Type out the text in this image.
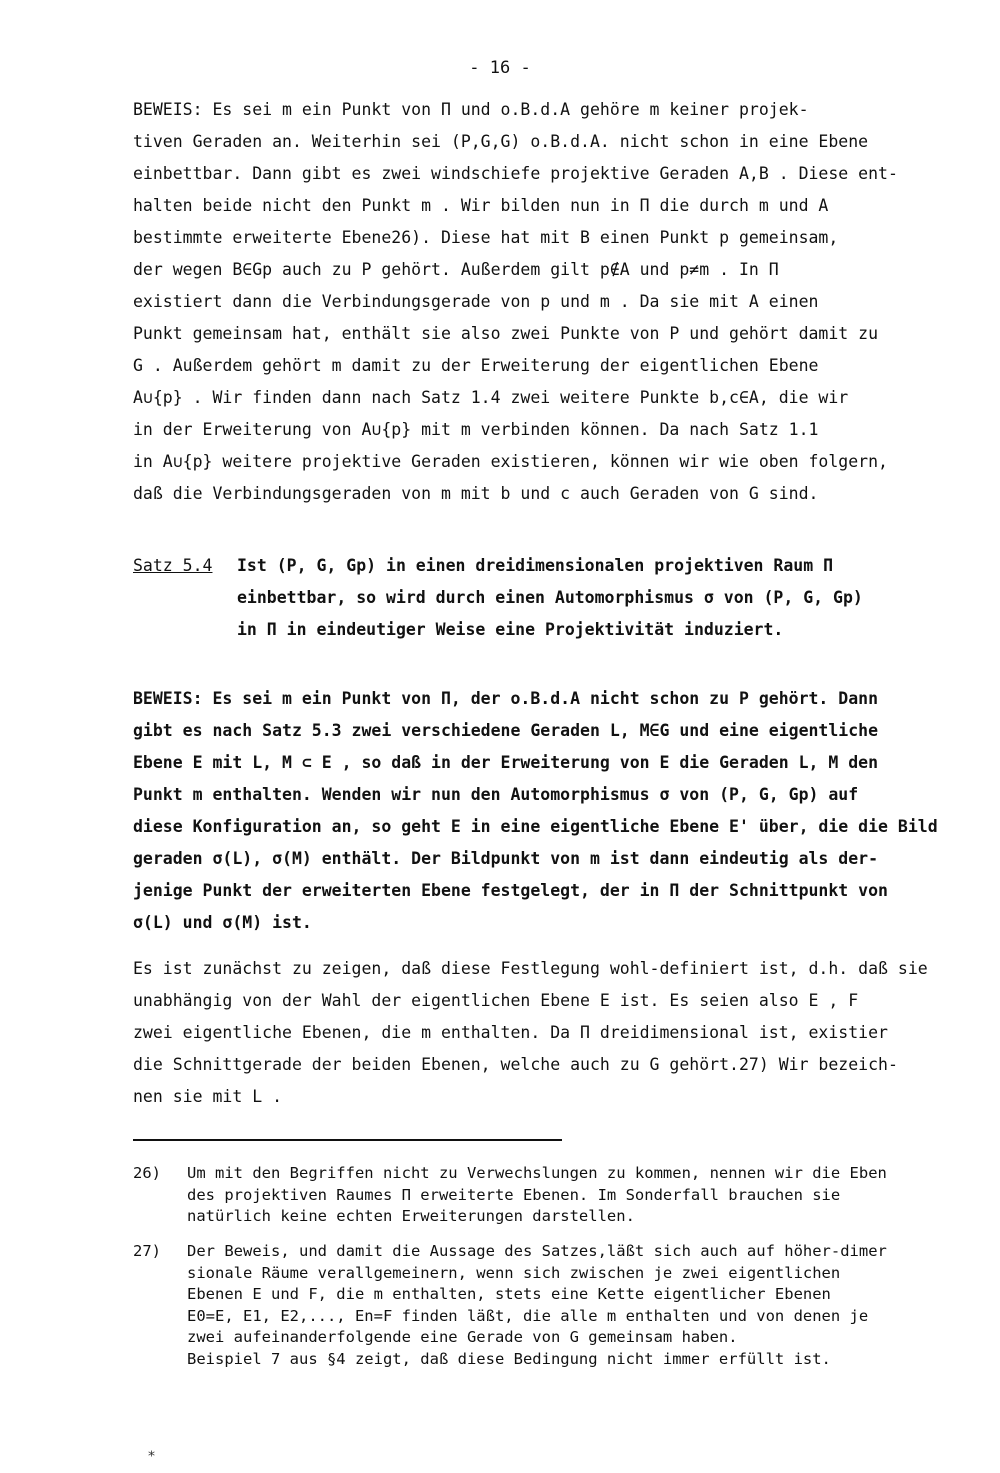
- 16 -
BEWEIS: Es sei m ein Punkt von П und o.B.d.A gehöre m keiner projek-
tiven Geraden an. Weiterhin sei (P,G,G) o.B.d.A. nicht schon in eine Ebene
einbettbar. Dann gibt es zwei windschiefe projektive Geraden A,B . Diese ent-
halten beide nicht den Punkt m . Wir bilden nun in П die durch m und A
bestimmte erweiterte Ebene26). Diese hat mit B einen Punkt p gemeinsam,
der wegen B∈Gp auch zu P gehört. Außerdem gilt p∉A und p≠m . In П
existiert dann die Verbindungsgerade von p und m . Da sie mit A einen
Punkt gemeinsam hat, enthält sie also zwei Punkte von P und gehört damit zu
G . Außerdem gehört m damit zu der Erweiterung der eigentlichen Ebene
A∪{p} . Wir finden dann nach Satz 1.4 zwei weitere Punkte b,c∈A, die wir
in der Erweiterung von A∪{p} mit m verbinden können. Da nach Satz 1.1
in A∪{p} weitere projektive Geraden existieren, können wir wie oben folgern,
daß die Verbindungsgeraden von m mit b und c auch Geraden von G sind.
Satz 5.4 Ist (P, G, Gp) in einen dreidimensionalen projektiven Raum П
einbettbar, so wird durch einen Automorphismus σ von (P, G, Gp)
in П in eindeutiger Weise eine Projektivität induziert.
BEWEIS: Es sei m ein Punkt von П, der o.B.d.A nicht schon zu P gehört. Dann
gibt es nach Satz 5.3 zwei verschiedene Geraden L, M∈G und eine eigentliche
Ebene E mit L, M ⊂ E , so daß in der Erweiterung von E die Geraden L, M den
Punkt m enthalten. Wenden wir nun den Automorphismus σ von (P, G, Gp) auf
diese Konfiguration an, so geht E in eine eigentliche Ebene E' über, die die Bild
geraden σ(L), σ(M) enthält. Der Bildpunkt von m ist dann eindeutig als der-
jenige Punkt der erweiterten Ebene festgelegt, der in П der Schnittpunkt von
σ(L) und σ(M) ist.
Es ist zunächst zu zeigen, daß diese Festlegung wohl-definiert ist, d.h. daß sie
unabhängig von der Wahl der eigentlichen Ebene E ist. Es seien also E , F
zwei eigentliche Ebenen, die m enthalten. Da П dreidimensional ist, existier
die Schnittgerade der beiden Ebenen, welche auch zu G gehört.27) Wir bezeich-
nen sie mit L .
26) Um mit den Begriffen nicht zu Verwechslungen zu kommen, nennen wir die Eben
des projektiven Raumes П erweiterte Ebenen. Im Sonderfall brauchen sie
natürlich keine echten Erweiterungen darstellen.
27) Der Beweis, und damit die Aussage des Satzes,läßt sich auch auf höher-dimer
sionale Räume verallgemeinern, wenn sich zwischen je zwei eigentlichen
Ebenen E und F, die m enthalten, stets eine Kette eigentlicher Ebenen
E0=E, E1, E2,..., En=F finden läßt, die alle m enthalten und von denen je
zwei aufeinanderfolgende eine Gerade von G gemeinsam haben.
Beispiel 7 aus §4 zeigt, daß diese Bedingung nicht immer erfüllt ist.
⁎
